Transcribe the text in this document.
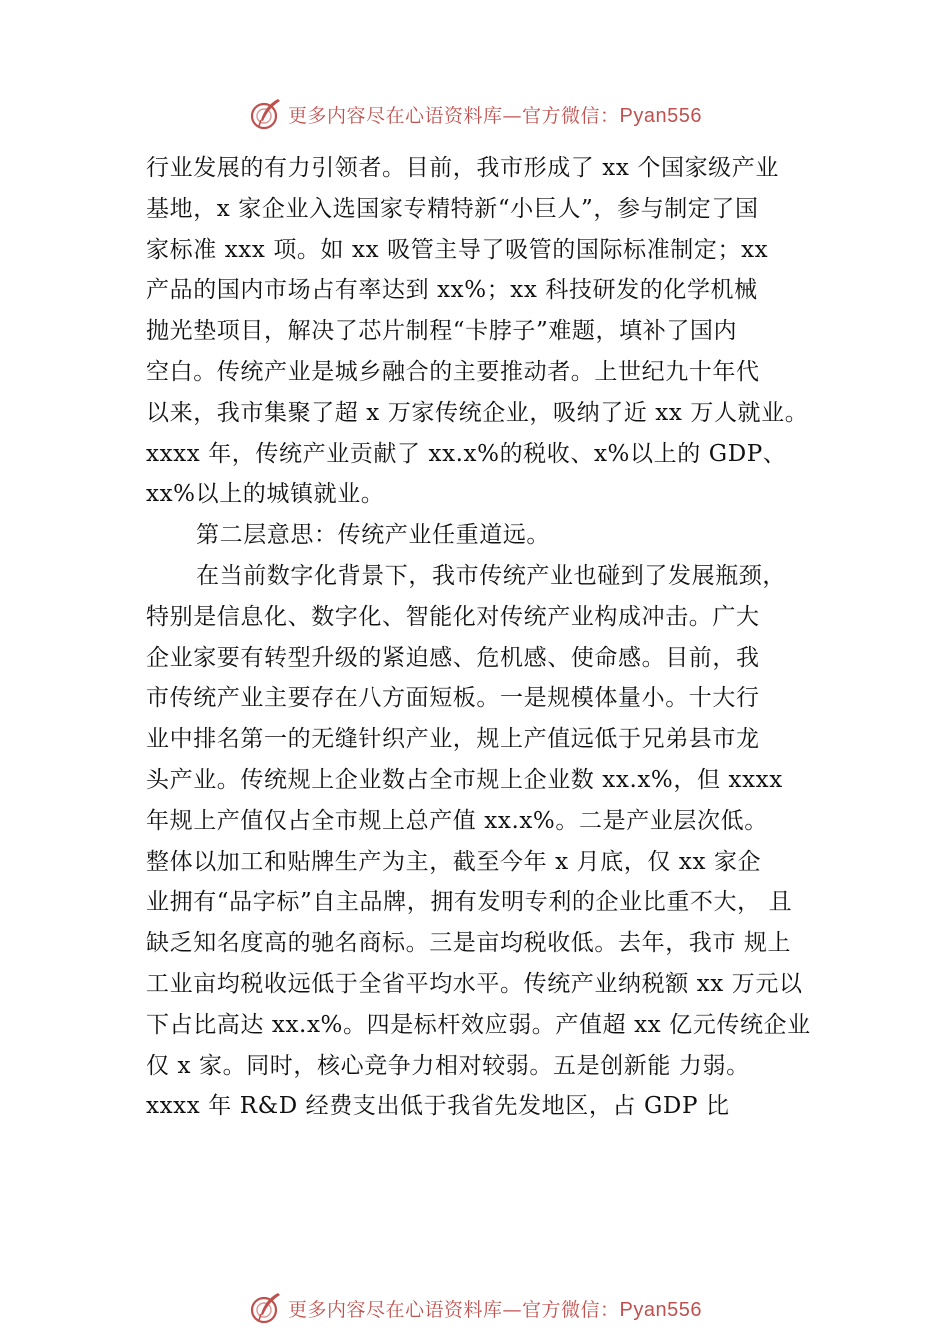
更多内容尽在心语资料库—官方微信：Pyan556
行业发展的有力引领者。目前，我市形成了 xx 个国家级产业
基地，x 家企业入选国家专精特新“小巨人”，参与制定了国
家标准 xxx 项。如 xx 吸管主导了吸管的国际标准制定；xx
产品的国内市场占有率达到 xx%；xx 科技研发的化学机械
抛光垫项目，解决了芯片制程“卡脖子”难题，填补了国内
空白。传统产业是城乡融合的主要推动者。上世纪九十年代
以来，我市集聚了超 x 万家传统企业，吸纳了近 xx 万人就业。
xxxx 年，传统产业贡献了 xx.x%的税收、x%以上的 GDP、
xx%以上的城镇就业。
第二层意思：传统产业任重道远。
在当前数字化背景下，我市传统产业也碰到了发展瓶颈，
特别是信息化、数字化、智能化对传统产业构成冲击。广大
企业家要有转型升级的紧迫感、危机感、使命感。目前，我
市传统产业主要存在八方面短板。一是规模体量小。十大行
业中排名第一的无缝针织产业，规上产值远低于兄弟县市龙
头产业。传统规上企业数占全市规上企业数 xx.x%，但 xxxx
年规上产值仅占全市规上总产值 xx.x%。二是产业层次低。
整体以加工和贴牌生产为主，截至今年 x 月底，仅 xx 家企
业拥有“品字标”自主品牌，拥有发明专利的企业比重不大， 且
缺乏知名度高的驰名商标。三是亩均税收低。去年，我市 规上
工业亩均税收远低于全省平均水平。传统产业纳税额 xx 万元以
下占比高达 xx.x%。四是标杆效应弱。产值超 xx 亿元传统企业
仅 x 家。同时，核心竞争力相对较弱。五是创新能 力弱。
xxxx 年 R&D 经费支出低于我省先发地区，占 GDP 比
更多内容尽在心语资料库—官方微信：Pyan556
